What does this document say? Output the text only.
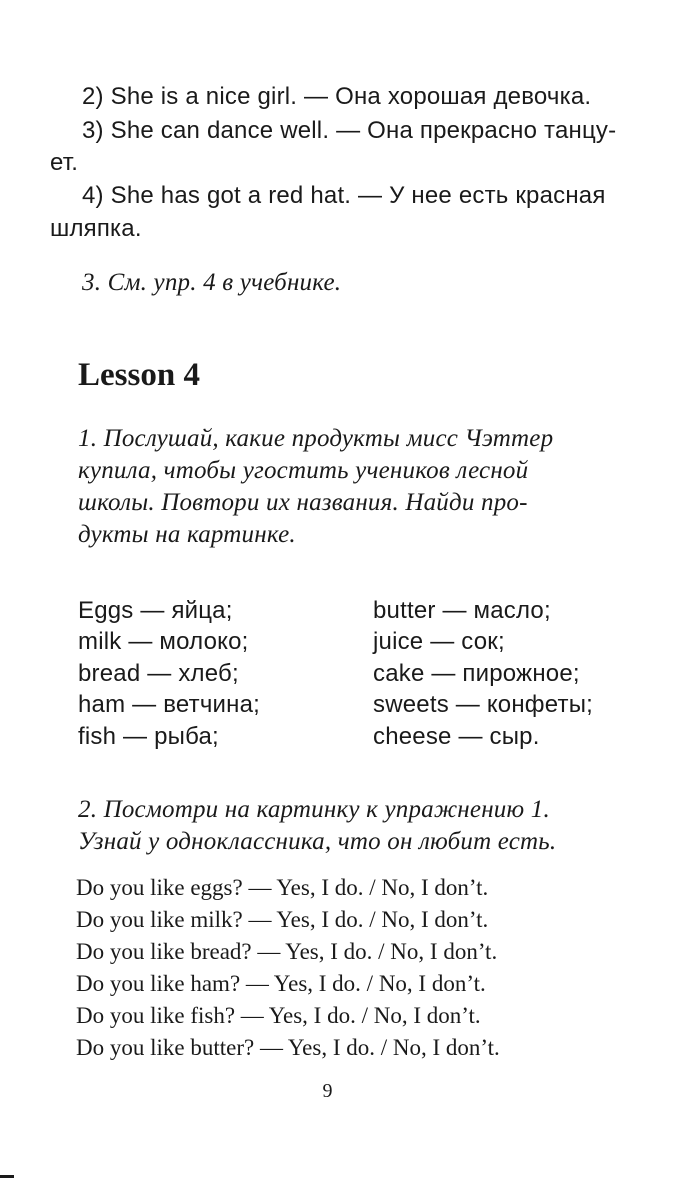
2) She is a nice girl. — Она хорошая девочка.
3) She can dance well. — Она прекрасно танцу-
ет.
4) She has got a red hat. — У нее есть красная
шляпка.
3. См. упр. 4 в учебнике.
Lesson 4
1. Послушай, какие продукты мисс Чэттер
купила, чтобы угостить учеников лесной
школы. Повтори их названия. Найди про-
дукты на картинке.
Eggs — яйца;
milk — молоко;
bread — хлеб;
ham — ветчина;
fish — рыба;
butter — масло;
juice — сок;
cake — пирожное;
sweets — конфеты;
cheese — сыр.
2. Посмотри на картинку к упражнению 1.
Узнай у одноклассника, что он любит есть.
Do you like eggs? — Yes, I do. / No, I don’t.
Do you like milk? — Yes, I do. / No, I don’t.
Do you like bread? — Yes, I do. / No, I don’t.
Do you like ham? — Yes, I do. / No, I don’t.
Do you like fish? — Yes, I do. / No, I don’t.
Do you like butter? — Yes, I do. / No, I don’t.
9
